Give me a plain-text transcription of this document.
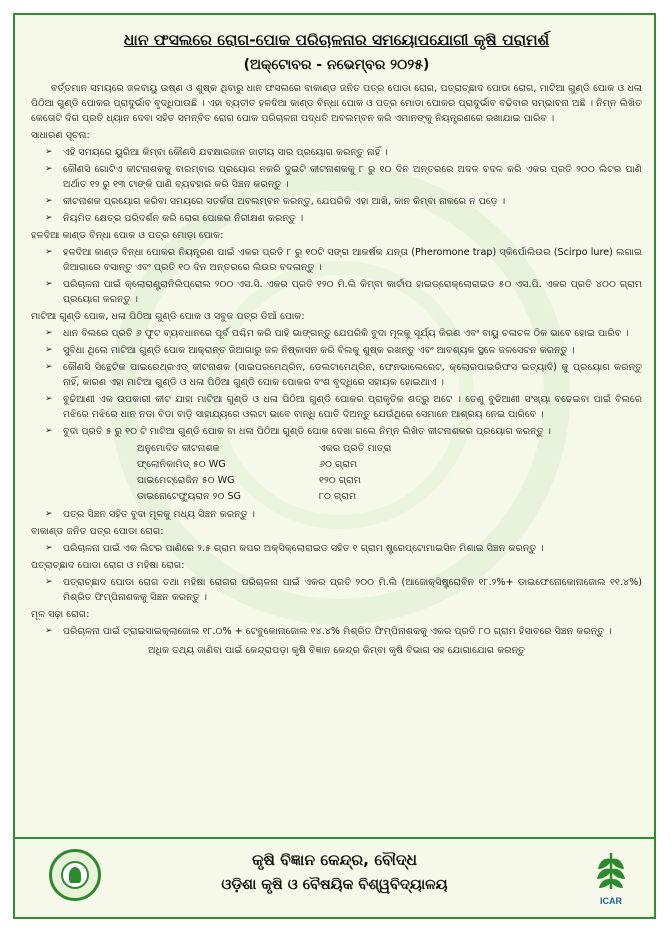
ଧାନ ଫସଲରେ ରୋଗ-ପୋକ ପରିଚାଳନାର ସମୟୋପଯୋଗୀ କୃଷି ପରାମର୍ଶ
(ଅକ୍ଟୋବର - ନଭେମ୍ବର ୨୦୨୫)

ବର୍ତ୍ତମାନ ସମୟରେ ଜଳବାୟୁ ଉଷ୍ଣ ଓ ଶୁଷ୍କ ଥିବାରୁ ଧାନ ଫସଲରେ ବାକାଣ୍ଡ ଜନିତ ପତ୍ର ପୋଡା ରୋଗ, ପତ୍ରାଚ୍ଛାଦ ପୋଡା ରୋଗ, ମାଟିଆ ଗୁଣ୍ଡି ପୋକ ଓ ଧଳା ପିଠିଆ ଗୁଣ୍ଡି ପୋକର ପ୍ରାଦୁର୍ଭାବ ବୃଦ୍ଧିପାଉଛି । ଏହା ବ୍ୟତୀତ ହଳଦିଆ କାଣ୍ଡ ବିନ୍ଧା ପୋକ ଓ ପତ୍ର ମୋଡା ପୋକର ପ୍ରାଦୁର୍ଭାବ ବଢିବାର ସମ୍ଭାବନା ଅଛି । ନିମ୍ନ ଲିଖିତ କେତୋଟି ଦିଗ ପ୍ରତି ଧ୍ୟାନ ଦେବା ସହିତ ସମନ୍ବିତ ରୋଗ ପୋକ ପରିଚାଳନା ପଦ୍ଧତି ଅବଲମ୍ବନ କରି ଏମାନଙ୍କୁ ନିୟନ୍ତ୍ରଣରେ ରଖାଯାଇ ପାରିବ ।

ସାଧାରଣ ସୂଚନା:
➢ ଏହି ସମୟରେ ୟୁରିଆ କିମ୍ବା କୌଣସି ଯବକ୍ଷାରଜାନ ଜାତୀୟ ସାର ପ୍ରୟୋଗ କରନ୍ତୁ ନାହିଁ ।
➢ କୌଣସି ଗୋଟିଏ କୀଟନାଶକକୁ ବାରମ୍ବାର ପ୍ରୟୋଗ ନକରି ଦୁଇଟି କୀଟନାଶକକୁ ୮ ରୁ ୧୦ ଦିନ ଅନ୍ତରରେ ଅଦଳ ବଦଳ କରି ଏକର ପ୍ରତି ୨୦୦ ଲିଟର ପାଣି ଅର୍ଥାତ ୧୨ ରୁ ୧୩ ଟାଙ୍କି ପାଣି ବ୍ୟବହାର କରି ସିଞ୍ଚନ କରନ୍ତୁ ।
➢ କୀଟନାଶକ ପ୍ରୟୋଗ କରିବା ସମୟରେ ସତର୍କତା ଅବଲମ୍ବନ କରନ୍ତୁ, ଯେପରିକି ଏହା ଆଖି, କାନ କିମ୍ବା ନାକରେ ନ ପଡ଼େ ।
➢ ନିୟମିତ କ୍ଷେତ୍ର ପରିଦର୍ଶନ କରି ରୋଗ ପୋକର ନିରୀକ୍ଷଣ କରନ୍ତୁ ।
ହଳଦିଆ କାଣ୍ଡ ବିନ୍ଧା ପୋକ ଓ ପତ୍ର ମୋଡ଼ା ପୋକ:
➢ ହଳଦିଆ କାଣ୍ଡ ବିନ୍ଧା ପୋକର ନିୟନ୍ତ୍ରଣ ପାଇଁ ଏକର ପ୍ରତି ୮ ରୁ ୧୦ଟି ସଙ୍ଗ ଆକର୍ଷକ ଯନ୍ତା (Pheromone trap) ସ୍କିର୍ପୋଲିଉର (Scirpo lure) ଲଗାଇ ଜିଆଗାରେ ବସାନ୍ତୁ ଏବଂ ପ୍ରତି ୧୦ ଦିନ ଅନ୍ତରରେ ଲିଉର ବଦଳାନ୍ତୁ ।
➢ ପରିଚାଳନା ପାଇଁ କ୍ଲୋରାଣ୍ଟ୍ରାନିଲିପ୍ରୋଲ ୨୦୦ ଏସ.ସି. ଏକର ପ୍ରତି ୧୨୦ ମି.ଲି କିମ୍ବା କାର୍ଟାପ ହାଇଡ୍ରୋକ୍ଲୋରାଇଡ ୫୦ ଏସ.ପି. ଏକର ପ୍ରତି ୪୦୦ ଗ୍ରାମ ପ୍ରୟୋଗ କରନ୍ତୁ ।
ମାଟିଆ ଗୁଣ୍ଡି ପୋକ, ଧଳା ପିଠିଆ ଗୁଣ୍ଡି ପୋକ ଓ ସବୁଜ ପତ୍ର ଡିଆଁ ପୋକ:
➢ ଧାନ ବିଲରେ ପ୍ରତି ୬ ଫୁଟ ବ୍ୟବଧାନରେ ପୂର୍ବ ପଶ୍ଚିମ କରି ପାହି ଭାଙ୍ଗନ୍ତୁ ଯେପରିକି ବୁଦା ମୂଳକୁ ସୂର୍ଯ୍ୟ କିରଣ ଏବଂ ବାୟୁ ଚଳାଚଳ ଠିକ ଭାବେ ହୋଇ ପାରିବ ।
➢ ସୁବିଧା ଥିଲେ ମାଟିଆ ଗୁଣ୍ଡି ପୋକ ଆକ୍ରାନ୍ତ ଜିଆଗାରୁ ଜଳ ନିଷ୍କାସନ କରି ବିଲକୁ ଶୁଷ୍କ ରଖନ୍ତୁ ଏବଂ ଆବଶ୍ୟକ ସ୍ଥଳେ ଜଳସେଚନ କରନ୍ତୁ ।
➢ କୌଣସି ସିନ୍ଥେଟିକ ପାଇରେଥ୍ରଏଡ୍ କୀଟନାଶକ (ସାଇପରମେଥ୍ରିନ, ଡେଲଟାମେଥ୍ରିନ, ଫେନଭାଲେରେଟ, କ୍ଲୋରପାଇରିଫସ ଇତ୍ୟାଦି) କୁ ପ୍ରୟୋଗ କରନ୍ତୁ ନାହିଁ, କାରଣ ଏହା ମାଟିଆ ଗୁଣ୍ଡି ଓ ଧଳା ପିଠିଆ ଗୁଣ୍ଡି ପୋକ ପୋକର ବଂଶ ବୃଦ୍ଧିରେ ସହାୟକ ହୋଇଥାଏ ।
➢ ବୁଢିଆଣୀ ଏକ ଉପକାରୀ କୀଟ ଯାହା ମାଟିଆ ଗୁଣ୍ଡି ଓ ଧଳା ପିଠିଆ ଗୁଣ୍ଡି ପୋକର ପ୍ରାକୃତିକ ଶତ୍ରୁ ଅଟେ । ତେଣୁ ବୁଢିଆଣୀ ସଂଖ୍ୟା ବଢେଇବା ପାଇଁ ବିଲରେ ମଝିରେ ମଝିରେ ଧାନ ନଡା ବିଡା ବାଡ଼ି ସାହାଯ୍ୟରେ ଓଲଟା ଭାବେ ବାନ୍ଧି ପୋତି ଦିଅନ୍ତୁ ଯେଉଁଥିରେ ସେମାନେ ଆଶ୍ରୟ ନେଇ ପାରିବେ ।
➢ ବୁଦା ପ୍ରତି ୫ ରୁ ୧୦ ଟି ମାଟିଆ ଗୁଣ୍ଡି ପୋକ ବା ଧଳା ପିଠିଆ ଗୁଣ୍ଡି ପୋକ ଦେଖା ଗଲେ ନିମ୍ନ ଲିଖିତ କୀଟନାଶକର ପ୍ରୟୋଗ କରନ୍ତୁ ।
ଅନୁମୋଦିତ କୀଟନାଶକ	ଏକର ପ୍ରତି ମାତ୍ରା
ଫ୍ଲୋନିକାମିଡ୍ ୫୦ WG	୬୦ ଗ୍ରାମ
ପାଇମେଟ୍ରୋଜିନ ୫୦ WG	୧୨୦ ଗ୍ରାମ
ଡାଇନୋଟେଫ୍ୟୁରାନ ୨୦ SG	୮୦ ଗ୍ରାମ
➢ ପତ୍ର ସିଞ୍ଚନ ସହିତ ବୁଦା ମୂଳକୁ ମଧ୍ୟ ସିଞ୍ଚନ କରନ୍ତୁ ।
ବାକାଣ୍ଡ ଜନିତ ପତ୍ର ପୋଡା ରୋଗ:
➢ ପରିଚାଳନା ପାଇଁ ଏକ ଲିଟର ପାଣିରେ ୨.୫ ଗ୍ରାମ କପର ଅକ୍ସିକ୍ଲୋରାଇଡ ସହିତ ୧ ଗ୍ରାମ ଷ୍ଟ୍ରେପ୍ଟୋମାଇସିନ ମିଶାଇ ସିଞ୍ଚନ କରନ୍ତୁ ।
ପତ୍ରାଚ୍ଛାଦ ପୋଡା ରୋଗ ଓ ମହିଷା ରୋଗ:
➢ ପତ୍ରାଚ୍ଛାଦ ପୋଡା ରୋଗ ତଥା ମହିଷା ରୋଗର ପରିଚାଳନା ପାଇଁ ଏକର ପ୍ରତି ୨୦୦ ମି.ଲି (ଆଜୋକ୍ସିଷ୍ଟ୍ରୋବିନ ୧୮.୨%+ ଡାଇଫେନୋକୋନାଜୋଲ ୧୧.୪%) ମିଶ୍ରିତ ଫିମ୍ପିନାଶକକୁ ସିଞ୍ଚନ କରନ୍ତୁ ।
ମୂଳ ସଢ଼ା ରୋଗ:
➢ ପରିଚାଳନା ପାଇଁ ଟ୍ରାଇସାଇକ୍ଲାଜୋଲ ୧୮.୦% + ଟେବୁକୋନାଜୋଲ ୧୪.୪% ମିଶ୍ରିତ ଫିମ୍ପିନାଶକକୁ ଏକର ପ୍ରତି ୮୦ ଗ୍ରାମ ହିସାବରେ ସିଞ୍ଚନ କରନ୍ତୁ ।
ଅଧିକ ତଥ୍ୟ ଜାଣିବା ପାଇଁ କେନ୍ଦ୍ରାପଡ଼ା କୃଷି ବିଜ୍ଞାନ କେନ୍ଦ୍ର କିମ୍ବା କୃଷି ବିଭାଗ ସହ ଯୋଗାଯୋଗ କରନ୍ତୁ
କୃଷି ବିଜ୍ଞାନ କେନ୍ଦ୍ର, ବୌଦ୍ଧ
ଓଡ଼ିଶା କୃଷି ଓ ବୈଷୟିକ ବିଶ୍ୱବିଦ୍ୟାଳୟ
ICAR
